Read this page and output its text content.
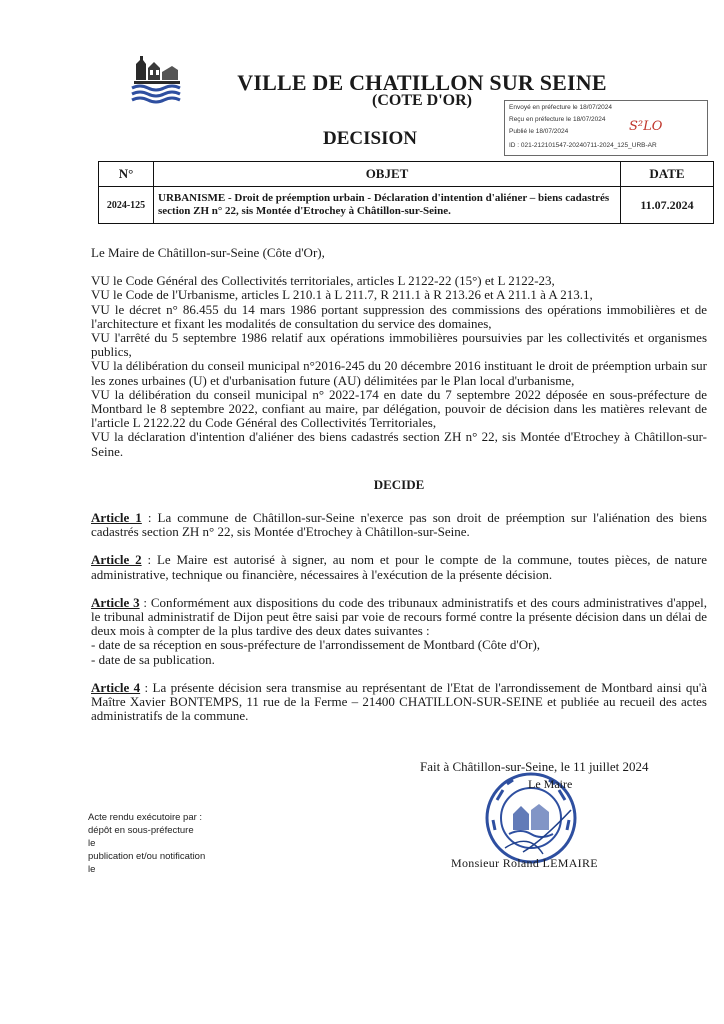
VILLE DE CHATILLON SUR SEINE
(COTE D'OR)
DECISION
Envoyé en préfecture le 18/07/2024
Reçu en préfecture le 18/07/2024
Publié le 18/07/2024	S²LO
ID : 021-212101547-20240711-2024_125_URB-AR
N°	OBJET	DATE
2024-125	URBANISME - Droit de préemption urbain - Déclaration d'intention d'aliéner – biens cadastrés section ZH n° 22, sis Montée d'Etrochey à Châtillon-sur-Seine.	11.07.2024

Le Maire de Châtillon-sur-Seine (Côte d'Or),

VU le Code Général des Collectivités territoriales, articles L 2122-22 (15°) et L 2122-23,

VU le Code de l'Urbanisme, articles L 210.1 à L 211.7, R 211.1 à R 213.26 et A 211.1 à A 213.1,

VU le décret n° 86.455 du 14 mars 1986 portant suppression des commissions des opérations immobilières et de l'architecture et fixant les modalités de consultation du service des domaines,

VU l'arrêté du 5 septembre 1986 relatif aux opérations immobilières poursuivies par les collectivités et organismes publics,

VU la délibération du conseil municipal n°2016-245 du 20 décembre 2016 instituant le droit de préemption urbain sur les zones urbaines (U) et d'urbanisation future (AU) délimitées par le Plan local d'urbanisme,

VU la délibération du conseil municipal n° 2022-174 en date du 7 septembre 2022 déposée en sous-préfecture de Montbard le 8 septembre 2022, confiant au maire, par délégation, pouvoir de décision dans les matières relevant de l'article L 2122.22 du Code Général des Collectivités Territoriales,

VU la déclaration d'intention d'aliéner des biens cadastrés section ZH n° 22, sis Montée d'Etrochey à Châtillon-sur-Seine.

DECIDE

Article 1 : La commune de Châtillon-sur-Seine n'exerce pas son droit de préemption sur l'aliénation des biens cadastrés section ZH n° 22, sis Montée d'Etrochey à Châtillon-sur-Seine.

Article 2 : Le Maire est autorisé à signer, au nom et pour le compte de la commune, toutes pièces, de nature administrative, technique ou financière, nécessaires à l'exécution de la présente décision.

Article 3 : Conformément aux dispositions du code des tribunaux administratifs et des cours administratives d'appel, le tribunal administratif de Dijon peut être saisi par voie de recours formé contre la présente décision dans un délai de deux mois à compter de la plus tardive des deux dates suivantes :

- date de sa réception en sous-préfecture de l'arrondissement de Montbard (Côte d'Or),

- date de sa publication.

Article 4 : La présente décision sera transmise au représentant de l'Etat de l'arrondissement de Montbard ainsi qu'à Maître Xavier BONTEMPS, 11 rue de la Ferme – 21400 CHATILLON-SUR-SEINE et publiée au recueil des actes administratifs de la commune.

Fait à Châtillon-sur-Seine, le 11 juillet 2024
Le Maire
Monsieur Roland LEMAIRE
Acte rendu exécutoire par :
dépôt en sous-préfecture
le
publication et/ou notification
le
